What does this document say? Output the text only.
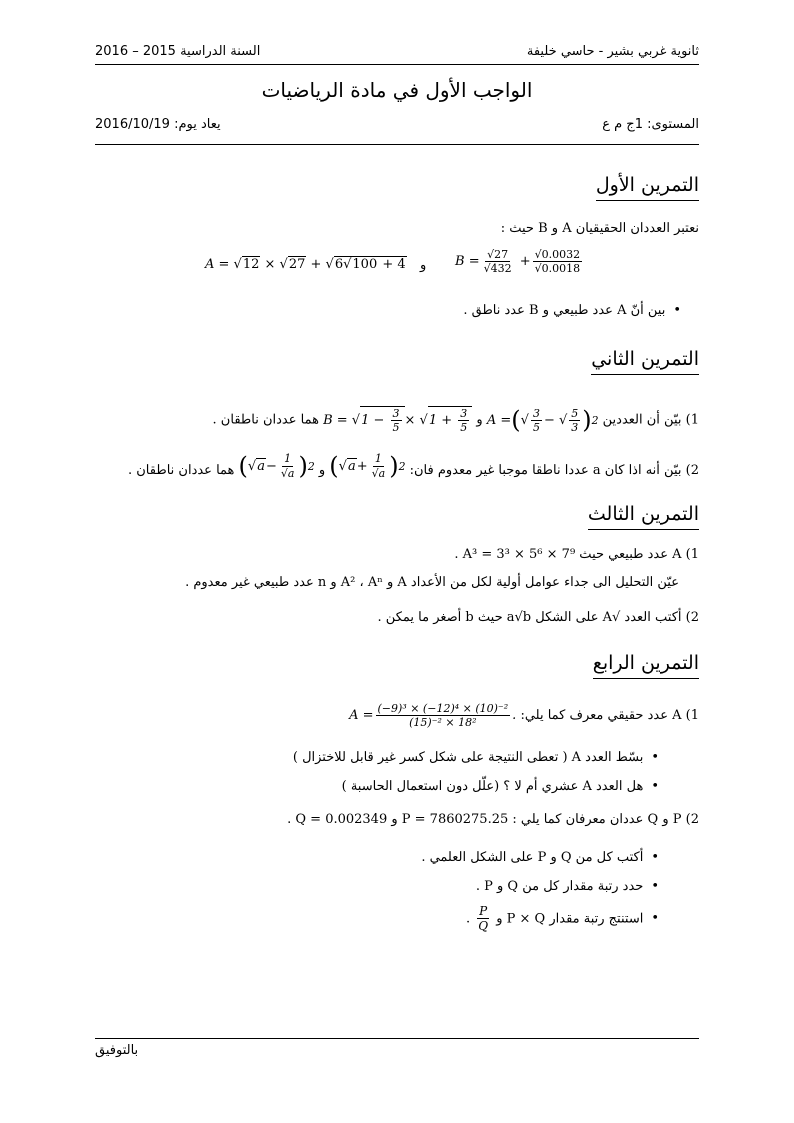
ثانوية غربي بشير - حاسي خليفة
السنة الدراسية 2015 – 2016
الواجب الأول في مادة الرياضيات
المستوى: 1ج م ع
يعاد يوم: 2016/10/19
التمرين الأول
نعتبر العددان الحقيقيان A و B حيث :
A = √ 12 × √ 27 + √ 6√100 + 4 و $B = \frac{√27}{√432} + \frac{√0.0032}{√0.0018}$
•بين أنّ A عدد طبيعي و B عدد ناطق .
التمرين الثاني
1) بيّن أن العددين A = ( √ $\frac{3}{5}$ − √ $\frac{5}{3}$ ) 2
و B = √ $1 - \frac{3}{5}$ × √ $1 + \frac{3}{5}$
هما عددان ناطقان .
2) بيّن أنه اذا كان a عددا ناطقا موجبا غير معدوم فان:
( √ $a + \frac{1}{√a}$ ) 2
و
( √ $a - \frac{1}{√a}$ ) 2
هما عددان ناطقان .
التمرين الثالث
1) A عدد طبيعي حيث A³ = 3³ × 5⁶ × 7⁹ .
عيّن التحليل الى جداء عوامل أولية لكل من الأعداد A و A² ، Aⁿ و n عدد طبيعي غير معدوم .
2) أكتب العدد √A على الشكل a√b حيث b أصغر ما يمكن .
التمرين الرابع
1) A عدد حقيقي معرف كما يلي: $A = \frac{\text{(−9)³ × (−12)⁴ × (10)⁻²}}{\text{(15)⁻² × 18²}}$ .
•بسّط العدد A ( تعطى النتيجة على شكل كسر غير قابل للاختزال )
•هل العدد A عشري أم لا ؟ (علّل دون استعمال الحاسبة )
2) P و Q عددان معرفان كما يلي : P = 7860275.25 و Q = 0.002349 .
•أكتب كل من Q و P على الشكل العلمي .
•حدد رتبة مقدار كل من Q و P .
•استنتج رتبة مقدار P × Q و
$\frac{P}{Q}$
.
بالتوفيق
